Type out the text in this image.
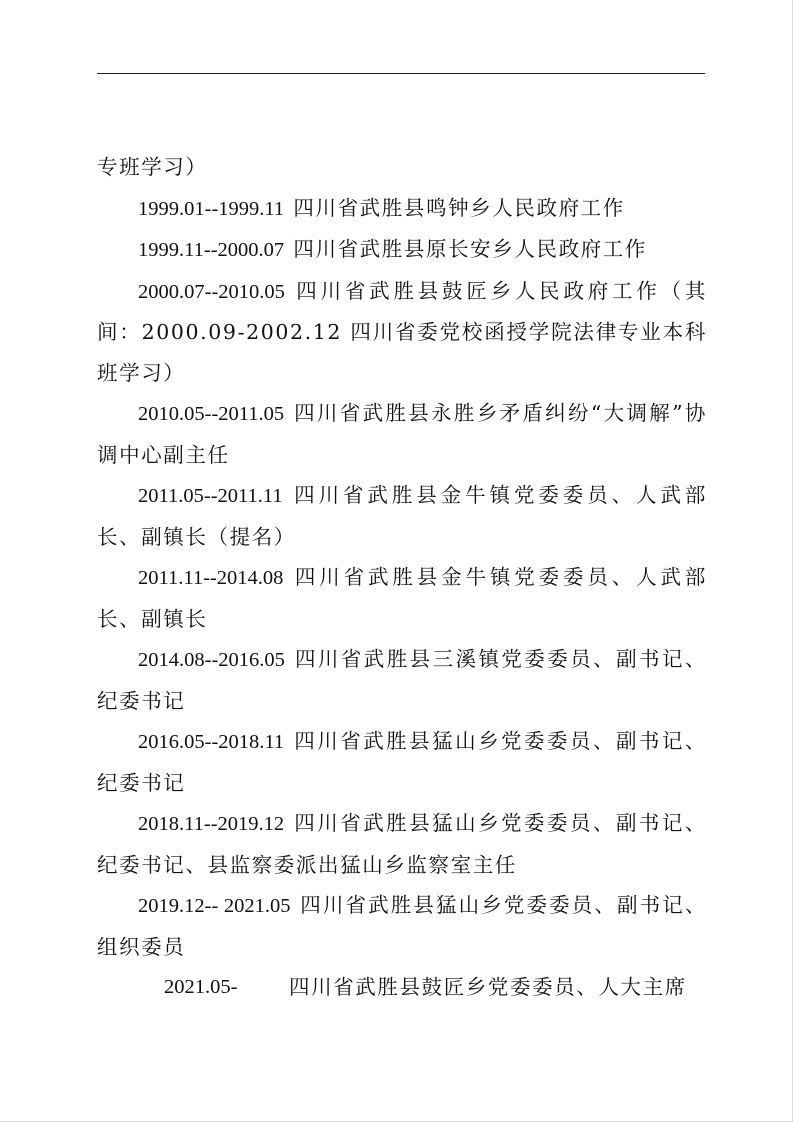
专班学习）

1999.01--1999.11 四川省武胜县鸣钟乡人民政府工作

1999.11--2000.07 四川省武胜县原长安乡人民政府工作

2000.07--2010.05 四川省武胜县鼓匠乡人民政府工作（其间：2000.09-2002.12 四川省委党校函授学院法律专业本科班学习）

2010.05--2011.05 四川省武胜县永胜乡矛盾纠纷“大调解”协调中心副主任

2011.05--2011.11 四川省武胜县金牛镇党委委员、人武部长、副镇长（提名）

2011.11--2014.08 四川省武胜县金牛镇党委委员、人武部长、副镇长

2014.08--2016.05 四川省武胜县三溪镇党委委员、副书记、纪委书记

2016.05--2018.11 四川省武胜县猛山乡党委委员、副书记、纪委书记

2018.11--2019.12 四川省武胜县猛山乡党委委员、副书记、纪委书记、县监察委派出猛山乡监察室主任

2019.12-- 2021.05 四川省武胜县猛山乡党委委员、副书记、组织委员

2021.05-	四川省武胜县鼓匠乡党委委员、人大主席
